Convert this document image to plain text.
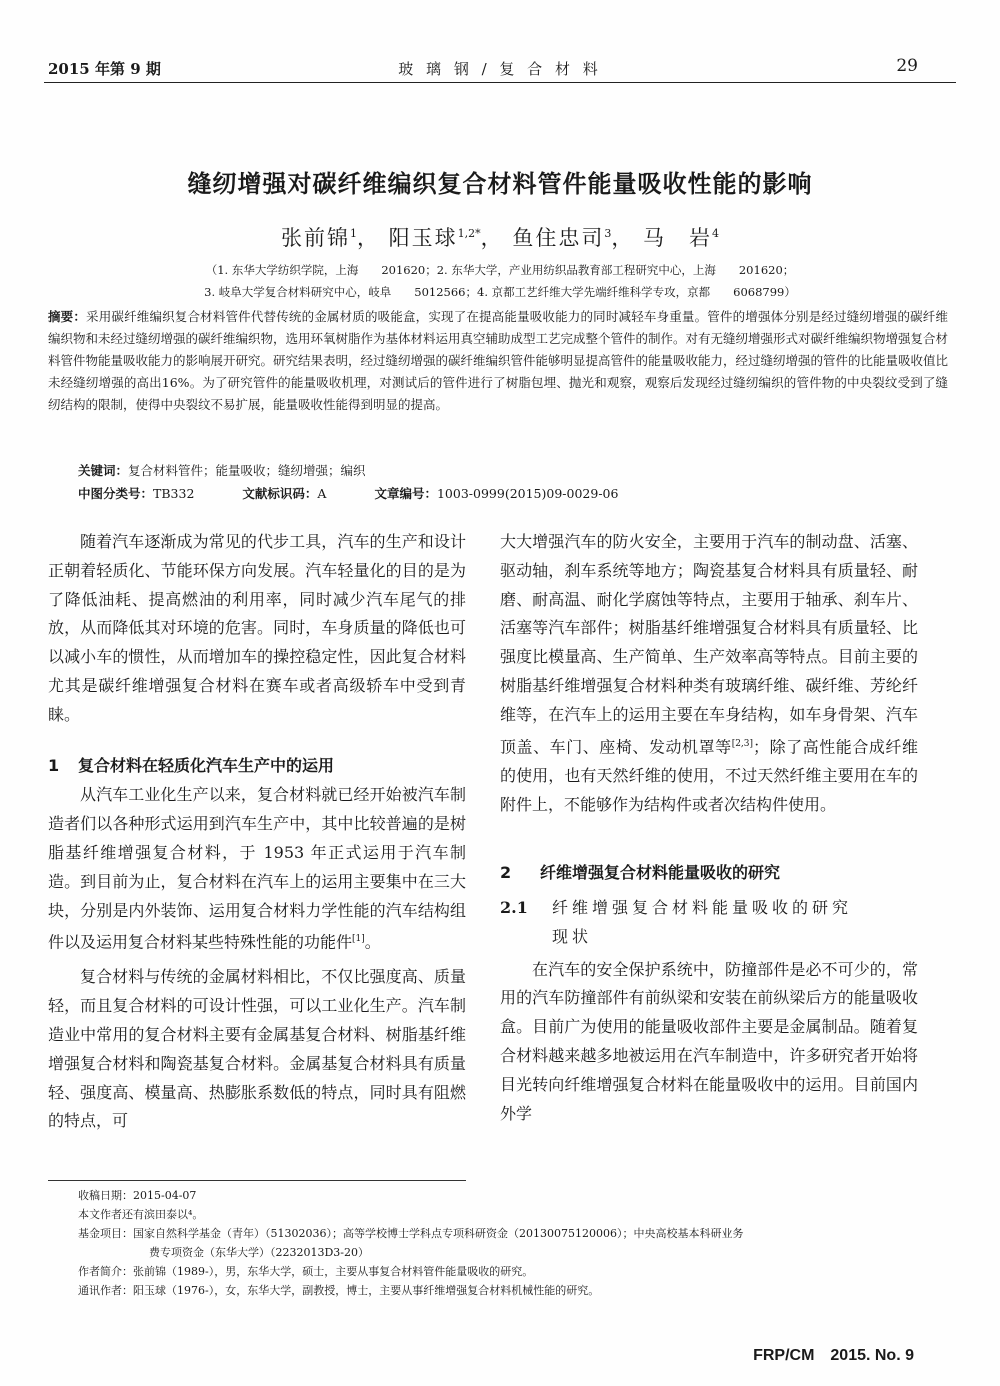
2015 年第 9 期	玻 璃 钢 / 复 合 材 料	29
缝纫增强对碳纤维编织复合材料管件能量吸收性能的影响
张前锦$^1$， 阳玉球$^{1,2*}$， 鱼住忠司$^3$， 马　岩$^4$
（1. 东华大学纺织学院，上海　　201620；2. 东华大学，产业用纺织品教育部工程研究中心，上海　　201620；
3. 岐阜大学复合材料研究中心，岐阜　　5012566；4. 京都工艺纤维大学先端纤维科学专攻，京都　　6068799）
摘要：采用碳纤维编织复合材料管件代替传统的金属材质的吸能盒，实现了在提高能量吸收能力的同时减轻车身重量。管件的增强体分别是经过缝纫增强的碳纤维编织物和未经过缝纫增强的碳纤维编织物，选用环氧树脂作为基体材料运用真空辅助成型工艺完成整个管件的制作。对有无缝纫增强形式对碳纤维编织物增强复合材料管件物能量吸收能力的影响展开研究。研究结果表明，经过缝纫增强的碳纤维编织管件能够明显提高管件的能量吸收能力，经过缝纫增强的管件的比能量吸收值比未经缝纫增强的高出16%。为了研究管件的能量吸收机理，对测试后的管件进行了树脂包埋、抛光和观察，观察后发现经过缝纫编织的管件物的中央裂纹受到了缝纫结构的限制，使得中央裂纹不易扩展，能量吸收性能得到明显的提高。
关键词：复合材料管件；能量吸收；缝纫增强；编织
中图分类号：TB332	文献标识码：A	文章编号：1003-0999(2015)09-0029-06

随着汽车逐渐成为常见的代步工具，汽车的生产和设计正朝着轻质化、节能环保方向发展。汽车轻量化的目的是为了降低油耗、提高燃油的利用率，同时减少汽车尾气的排放，从而降低其对环境的危害。同时，车身质量的降低也可以减小车的惯性，从而增加车的操控稳定性，因此复合材料尤其是碳纤维增强复合材料在赛车或者高级轿车中受到青睐。

1 复合材料在轻质化汽车生产中的运用

从汽车工业化生产以来，复合材料就已经开始被汽车制造者们以各种形式运用到汽车生产中，其中比较普遍的是树脂基纤维增强复合材料，于 1953 年正式运用于汽车制造。到目前为止，复合材料在汽车上的运用主要集中在三大块，分别是内外装饰、运用复合材料力学性能的汽车结构组件以及运用复合材料某些特殊性能的功能件[1]。

复合材料与传统的金属材料相比，不仅比强度高、质量轻，而且复合材料的可设计性强，可以工业化生产。汽车制造业中常用的复合材料主要有金属基复合材料、树脂基纤维增强复合材料和陶瓷基复合材料。金属基复合材料具有质量轻、强度高、模量高、热膨胀系数低的特点，同时具有阻燃的特点，可

大大增强汽车的防火安全，主要用于汽车的制动盘、活塞、驱动轴，刹车系统等地方；陶瓷基复合材料具有质量轻、耐磨、耐高温、耐化学腐蚀等特点，主要用于轴承、刹车片、活塞等汽车部件；树脂基纤维增强复合材料具有质量轻、比强度比模量高、生产简单、生产效率高等特点。目前主要的树脂基纤维增强复合材料种类有玻璃纤维、碳纤维、芳纶纤维等，在汽车上的运用主要在车身结构，如车身骨架、汽车顶盖、车门、座椅、发动机罩等[2,3]；除了高性能合成纤维的使用，也有天然纤维的使用，不过天然纤维主要用在车的附件上，不能够作为结构件或者次结构件使用。

2 纤维增强复合材料能量吸收的研究
2.1 纤维增强复合材料能量吸收的研究
现状

在汽车的安全保护系统中，防撞部件是必不可少的，常用的汽车防撞部件有前纵梁和安装在前纵梁后方的能量吸收盒。目前广为使用的能量吸收部件主要是金属制品。随着复合材料越来越多地被运用在汽车制造中，许多研究者开始将目光转向纤维增强复合材料在能量吸收中的运用。目前国内外学

收稿日期：2015-04-07
本文作者还有滨田泰以⁴。
基金项目：国家自然科学基金（青年）（51302036）；高等学校博士学科点专项科研资金（20130075120006）；中央高校基本科研业务
费专项资金（东华大学）（2232013D3-20）
作者简介：张前锦（1989-），男，东华大学，硕士，主要从事复合材料管件能量吸收的研究。
通讯作者：阳玉球（1976-），女，东华大学，副教授，博士，主要从事纤维增强复合材料机械性能的研究。
FRP/CM　2015. No. 9
